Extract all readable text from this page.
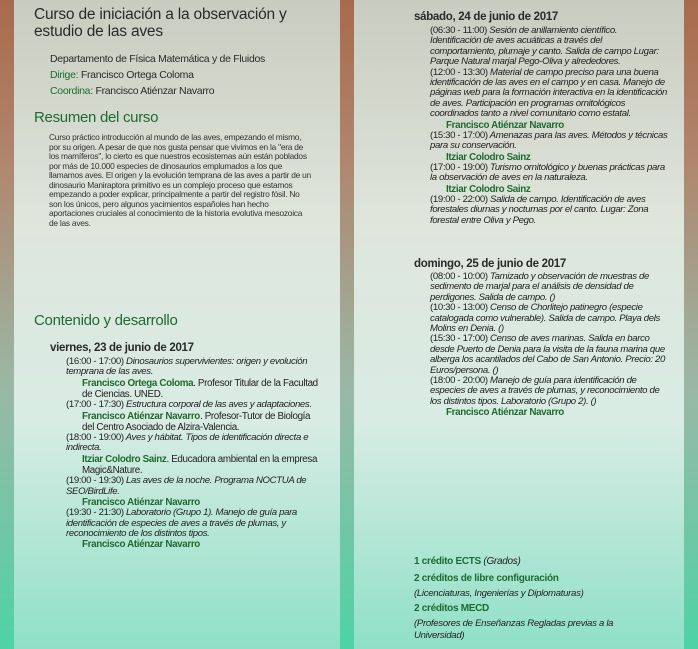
Curso de iniciación a la observación y estudio de las aves
Departamento de Física Matemática y de Fluidos
Dirige: Francisco Ortega Coloma
Coordina: Francisco Atiénzar Navarro
Resumen del curso
Curso práctico introducción al mundo de las aves, empezando el mismo, por su origen. A pesar de que nos gusta pensar que vivimos en la "era de los mamíferos", lo cierto es que nuestros ecosistemas aún están poblados por más de 10.000 especies de dinosaurios emplumados a los que llamamos aves. El origen y la evolución temprana de las aves a partir de un dinosaurio Maniraptora primitivo es un complejo proceso que estamos empezando a poder explicar, principalmente a partir del registro fósil. No son los únicos, pero algunos yacimientos españoles han hecho aportaciones cruciales al conocimiento de la historia evolutiva mesozoica de las aves.
Contenido y desarrollo
viernes, 23 de junio de 2017

(16:00 - 17:00) Dinosaurios supervivientes: origen y evolución temprana de las aves.

Francisco Ortega Coloma. Profesor Titular de la Facultad de Ciencias. UNED.

(17:00 - 17:30) Estructura corporal de las aves y adaptaciones.

Francisco Atiénzar Navarro. Profesor-Tutor de Biología del Centro Asociado de Alzira-Valencia.

(18:00 - 19:00) Aves y hábitat. Tipos de identificación directa e indirecta.

Itziar Colodro Sainz. Educadora ambiental en la empresa Magic&Nature.

(19:00 - 19:30) Las aves de la noche. Programa NOCTUA de SEO/BirdLife.

Francisco Atiénzar Navarro

(19:30 - 21:30) Laboratorio (Grupo 1). Manejo de guía para identificación de especies de aves a través de plumas, y reconocimiento de los distintos tipos.

Francisco Atiénzar Navarro
sábado, 24 de junio de 2017

(06:30 - 11:00) Sesión de anillamiento científico. Identificación de aves acuáticas a través del comportamiento, plumaje y canto. Salida de campo Lugar: Parque Natural marjal Pego-Oliva y alrededores.

(12:00 - 13:30) Material de campo preciso para una buena identificación de las aves en el campo y en casa. Manejo de páginas web para la formación interactiva en la identificación de aves. Participación en programas ornitológicos coordinados tanto a nivel comunitario como estatal.

Francisco Atiénzar Navarro

(15:30 - 17:00) Amenazas para las aves. Métodos y técnicas para su conservación.

Itziar Colodro Sainz

(17:00 - 19:00) Turismo ornitológico y buenas prácticas para la observación de aves en la naturaleza.

Itziar Colodro Sainz

(19:00 - 22:00) Salida de campo. Identificación de aves forestales diurnas y nocturnas por el canto. Lugar: Zona forestal entre Oliva y Pego.

domingo, 25 de junio de 2017

(08:00 - 10:00) Tamizado y observación de muestras de sedimento de marjal para el análisis de densidad de perdigones. Salida de campo. ()

(10:30 - 13:00) Censo de Chorlitejo patinegro (especie catalogada como vulnerable). Salida de campo. Playa dels Molins en Denia. ()

(15:30 - 17:00) Censo de aves marinas. Salida en barco desde Puerto de Denia para la visita de la fauna marina que alberga los acantilados del Cabo de San Antonio. Precio: 20 Euros/persona. ()

(18:00 - 20:00) Manejo de guía para identificación de especies de aves a través de plumas, y reconocimiento de los distintos tipos. Laboratorio (Grupo 2). ()

Francisco Atiénzar Navarro
1 crédito ECTS (Grados)
2 créditos de libre configuración
(Licenciaturas, Ingenierías y Diplomaturas)
2 créditos MECD
(Profesores de Enseñanzas Regladas previas a la Universidad)
